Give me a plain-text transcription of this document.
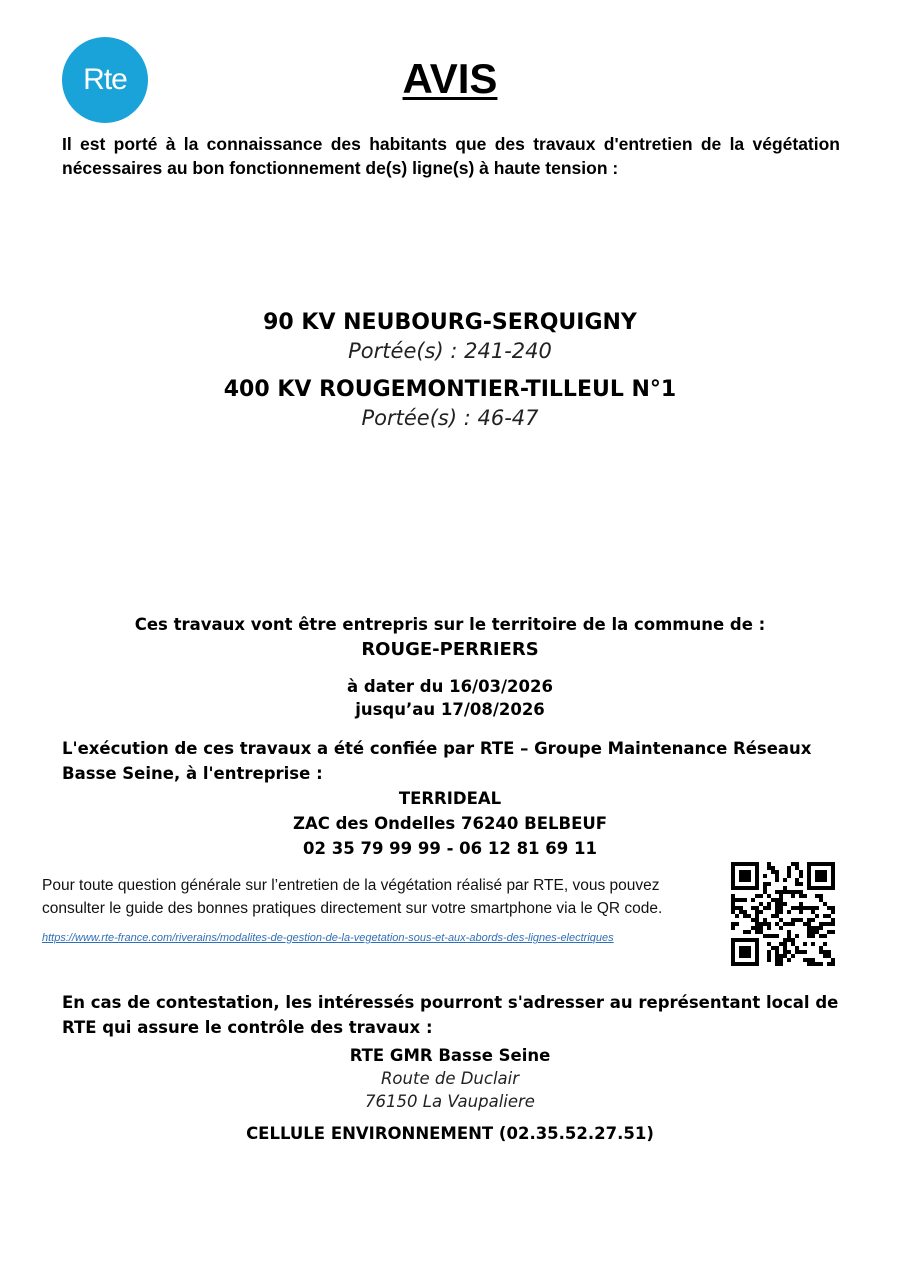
Rte	AVIS
Il est porté à la connaissance des habitants que des travaux d'entretien de la végétation nécessaires au bon fonctionnement de(s) ligne(s) à haute tension :
90 KV NEUBOURG-SERQUIGNY
Portée(s) : 241-240
400 KV ROUGEMONTIER-TILLEUL N°1
Portée(s) : 46-47
Ces travaux vont être entrepris sur le territoire de la commune de :
ROUGE-PERRIERS
à dater du 16/03/2026
jusqu’au 17/08/2026
L'exécution de ces travaux a été confiée par RTE – Groupe Maintenance Réseaux Basse Seine, à l'entreprise :
TERRIDEAL
ZAC des Ondelles 76240 BELBEUF
02 35 79 99 99 - 06 12 81 69 11
Pour toute question générale sur l’entretien de la végétation réalisé par RTE, vous pouvez consulter le guide des bonnes pratiques directement sur votre smartphone via le QR code.
https://www.rte-france.com/riverains/modalites-de-gestion-de-la-vegetation-sous-et-aux-abords-des-lignes-electriques
En cas de contestation, les intéressés pourront s'adresser au représentant local de RTE qui assure le contrôle des travaux :
RTE GMR Basse Seine
Route de Duclair
76150 La Vaupaliere
CELLULE ENVIRONNEMENT (02.35.52.27.51)
